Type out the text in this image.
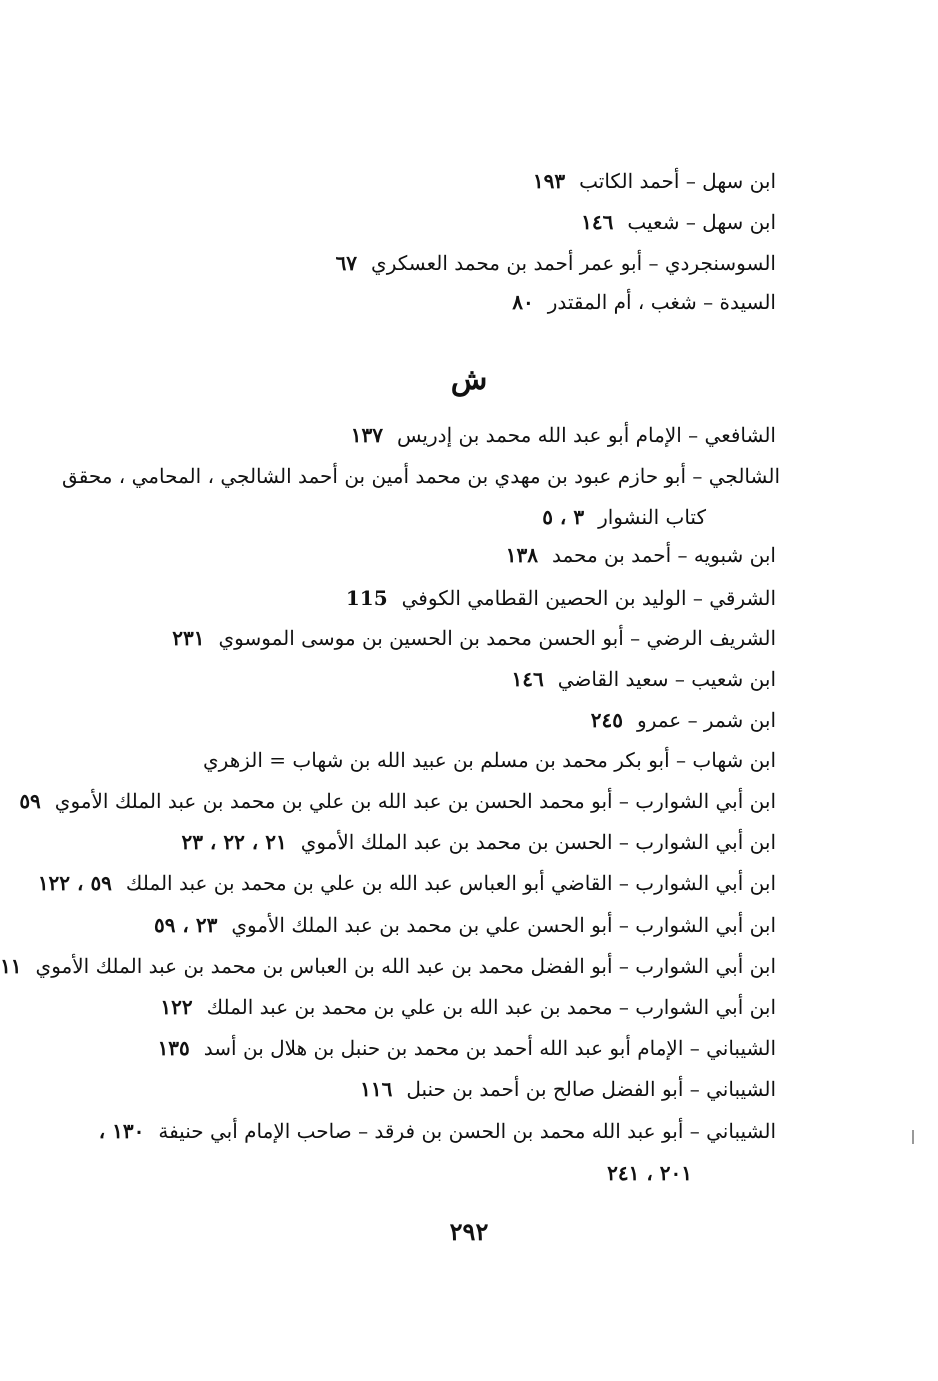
ابن سهل – أحمد الكاتب١٩٣
ابن سهل – شعيب١٤٦
السوسنجردي – أبو عمر أحمد بن محمد العسكري٦٧
السيدة – شغب ، أم المقتدر٨٠
ش
الشافعي – الإمام أبو عبد الله محمد بن إدريس١٣٧
الشالجي – أبو حازم عبود بن مهدي بن محمد أمين بن أحمد الشالجي ، المحامي ، محقق
كتاب النشوار٣ ، ٥
ابن شبويه – أحمد بن محمد١٣٨
الشرقي – الوليد بن الحصين القطامي الكوفي115
الشريف الرضي – أبو الحسن محمد بن الحسين بن موسى الموسوي٢٣١
ابن شعيب – سعيد القاضي١٤٦
ابن شمر – عمرو٢٤٥
ابن شهاب – أبو بكر محمد بن مسلم بن عبيد الله بن شهاب = الزهري
ابن أبي الشوارب – أبو محمد الحسن بن عبد الله بن علي بن محمد بن عبد الملك الأموي٥٩
ابن أبي الشوارب – الحسن بن محمد بن عبد الملك الأموي٢١ ، ٢٢ ، ٢٣
ابن أبي الشوارب – القاضي أبو العباس عبد الله بن علي بن محمد بن عبد الملك٥٩ ، ١٢٢
ابن أبي الشوارب – أبو الحسن علي بن محمد بن عبد الملك الأموي٢٣ ، ٥٩
ابن أبي الشوارب – أبو الفضل محمد بن عبد الله بن العباس بن محمد بن عبد الملك الأموي١١
ابن أبي الشوارب – محمد بن عبد الله بن علي بن محمد بن عبد الملك١٢٢
الشيباني – الإمام أبو عبد الله أحمد بن محمد بن حنبل بن هلال بن أسد١٣٥
الشيباني – أبو الفضل صالح بن أحمد بن حنبل١١٦
الشيباني – أبو عبد الله محمد بن الحسن بن فرقد – صاحب الإمام أبي حنيفة١٣٠ ،
٢٠١ ، ٢٤١
٢٩٢
